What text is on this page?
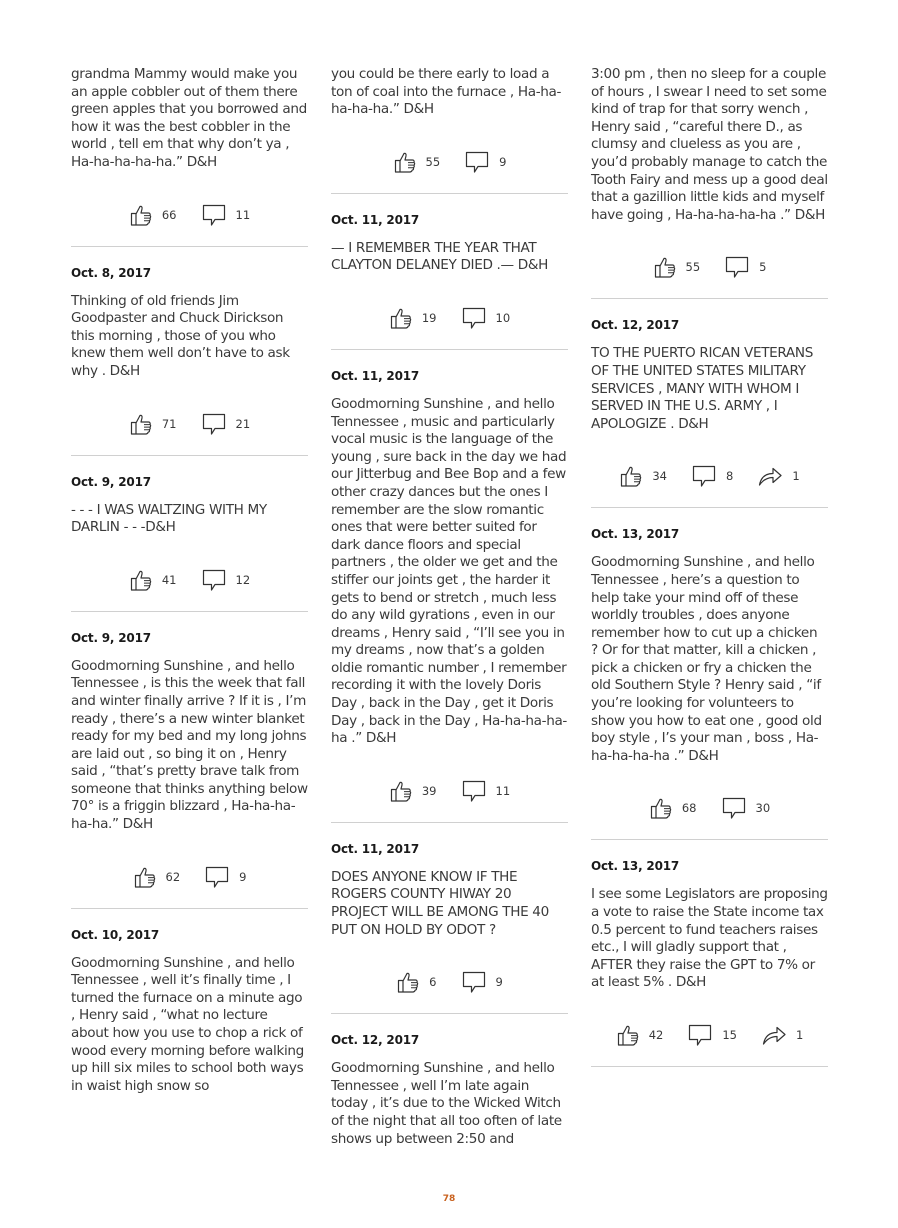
grandma Mammy would make you an apple cobbler out of them there green apples that you borrowed and how it was the best cobbler in the world , tell em that why don’t ya , Ha-ha-ha-ha-ha.” D&H

66	11
Oct. 8, 2017

Thinking of old friends Jim Goodpaster and Chuck Dirickson this morning , those of you who knew them well don’t have to ask why . D&H

71	21
Oct. 9, 2017

- - - I WAS WALTZING WITH MY DARLIN - - -D&H

41	12
Oct. 9, 2017

Goodmorning Sunshine , and hello Tennessee , is this the week that fall and winter finally arrive ? If it is , I’m ready , there’s a new winter blanket ready for my bed and my long johns are laid out , so bing it on , Henry said , “that’s pretty brave talk from someone that thinks anything below 70° is a friggin blizzard , Ha-ha-ha-ha-ha.” D&H

62	9
Oct. 10, 2017

Goodmorning Sunshine , and hello Tennessee , well it’s finally time , I turned the furnace on a minute ago , Henry said , “what no lecture about how you use to chop a rick of wood every morning before walking up hill six miles to school both ways in waist high snow so

you could be there early to load a ton of coal into the furnace , Ha-ha-ha-ha-ha.” D&H

55	9
Oct. 11, 2017

— I REMEMBER THE YEAR THAT CLAYTON DELANEY DIED .— D&H

19	10
Oct. 11, 2017

Goodmorning Sunshine , and hello Tennessee , music and particularly vocal music is the language of the young , sure back in the day we had our Jitterbug and Bee Bop and a few other crazy dances but the ones I remember are the slow romantic ones that were better suited for dark dance floors and special partners , the older we get and the stiffer our joints get , the harder it gets to bend or stretch , much less do any wild gyrations , even in our dreams , Henry said , “I’ll see you in my dreams , now that’s a golden oldie romantic number , I remember recording it with the lovely Doris Day , back in the Day , get it Doris Day , back in the Day , Ha-ha-ha-ha-ha .” D&H

39	11
Oct. 11, 2017

DOES ANYONE KNOW IF THE ROGERS COUNTY HIWAY 20 PROJECT WILL BE AMONG THE 40 PUT ON HOLD BY ODOT ?

6	9
Oct. 12, 2017

Goodmorning Sunshine , and hello Tennessee , well I’m late again today , it’s due to the Wicked Witch of the night that all too often of late shows up between 2:50 and

3:00 pm , then no sleep for a couple of hours , I swear I need to set some kind of trap for that sorry wench , Henry said , “careful there D., as clumsy and clueless as you are , you’d probably manage to catch the Tooth Fairy and mess up a good deal that a gazillion little kids and myself have going , Ha-ha-ha-ha-ha .” D&H

55	5
Oct. 12, 2017

TO THE PUERTO RICAN VETERANS OF THE UNITED STATES MILITARY SERVICES , MANY WITH WHOM I SERVED IN THE U.S. ARMY , I APOLOGIZE . D&H

34	8	1
Oct. 13, 2017

Goodmorning Sunshine , and hello Tennessee , here’s a question to help take your mind off of these worldly troubles , does anyone remember how to cut up a chicken ? Or for that matter, kill a chicken , pick a chicken or fry a chicken the old Southern Style ? Henry said , “if you’re looking for volunteers to show you how to eat one , good old boy style , I’s your man , boss , Ha-ha-ha-ha-ha .” D&H

68	30
Oct. 13, 2017

I see some Legislators are proposing a vote to raise the State income tax 0.5 percent to fund teachers raises etc., I will gladly support that , AFTER they raise the GPT to 7% or at least 5% . D&H

42	15	1
78
